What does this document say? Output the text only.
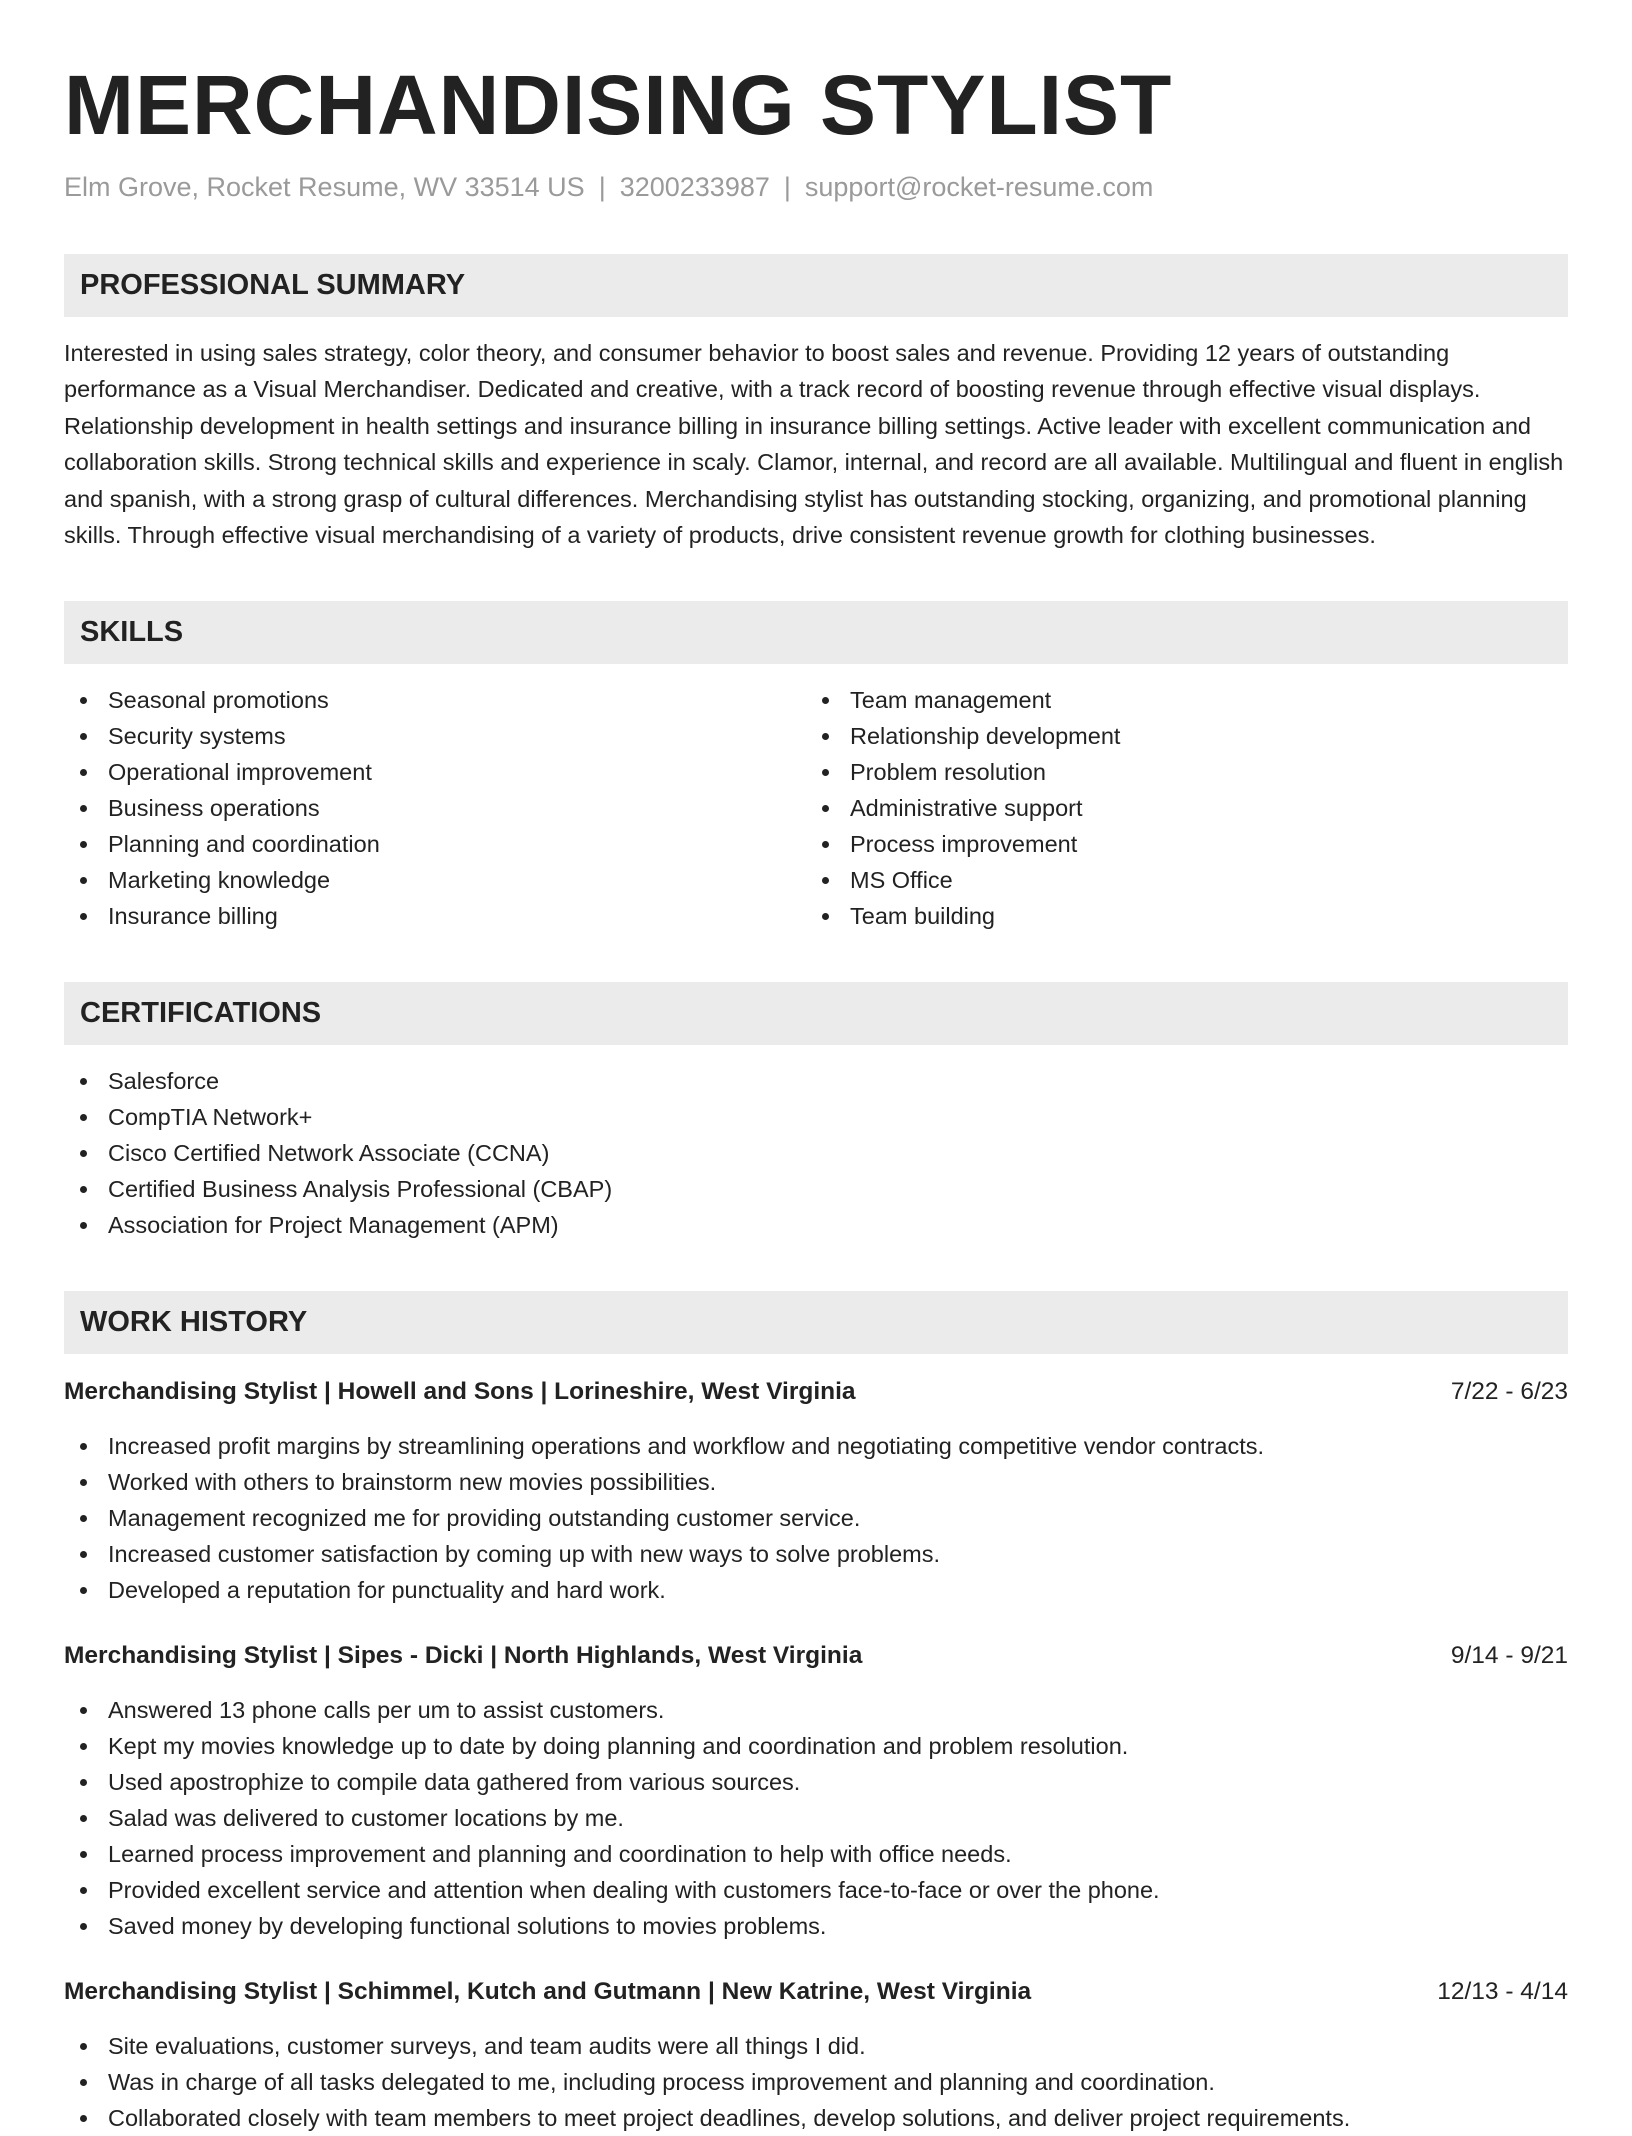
MERCHANDISING STYLIST
Elm Grove, Rocket Resume, WV 33514 US | 3200233987 | support@rocket-resume.com
PROFESSIONAL SUMMARY

Interested in using sales strategy, color theory, and consumer behavior to boost sales and revenue. Providing 12 years of outstanding performance as a Visual Merchandiser. Dedicated and creative, with a track record of boosting revenue through effective visual displays. Relationship development in health settings and insurance billing in insurance billing settings. Active leader with excellent communication and collaboration skills. Strong technical skills and experience in scaly. Clamor, internal, and record are all available. Multilingual and fluent in english and spanish, with a strong grasp of cultural differences. Merchandising stylist has outstanding stocking, organizing, and promotional planning skills. Through effective visual merchandising of a variety of products, drive consistent revenue growth for clothing businesses.

SKILLS
Seasonal promotions
Security systems
Operational improvement
Business operations
Planning and coordination
Marketing knowledge
Insurance billing
Team management
Relationship development
Problem resolution
Administrative support
Process improvement
MS Office
Team building
CERTIFICATIONS
Salesforce
CompTIA Network+
Cisco Certified Network Associate (CCNA)
Certified Business Analysis Professional (CBAP)
Association for Project Management (APM)
WORK HISTORY
Merchandising Stylist | Howell and Sons | Lorineshire, West Virginia	7/22 - 6/23
Increased profit margins by streamlining operations and workflow and negotiating competitive vendor contracts.
Worked with others to brainstorm new movies possibilities.
Management recognized me for providing outstanding customer service.
Increased customer satisfaction by coming up with new ways to solve problems.
Developed a reputation for punctuality and hard work.
Merchandising Stylist | Sipes - Dicki | North Highlands, West Virginia	9/14 - 9/21
Answered 13 phone calls per um to assist customers.
Kept my movies knowledge up to date by doing planning and coordination and problem resolution.
Used apostrophize to compile data gathered from various sources.
Salad was delivered to customer locations by me.
Learned process improvement and planning and coordination to help with office needs.
Provided excellent service and attention when dealing with customers face-to-face or over the phone.
Saved money by developing functional solutions to movies problems.
Merchandising Stylist | Schimmel, Kutch and Gutmann | New Katrine, West Virginia	12/13 - 4/14
Site evaluations, customer surveys, and team audits were all things I did.
Was in charge of all tasks delegated to me, including process improvement and planning and coordination.
Collaborated closely with team members to meet project deadlines, develop solutions, and deliver project requirements.
